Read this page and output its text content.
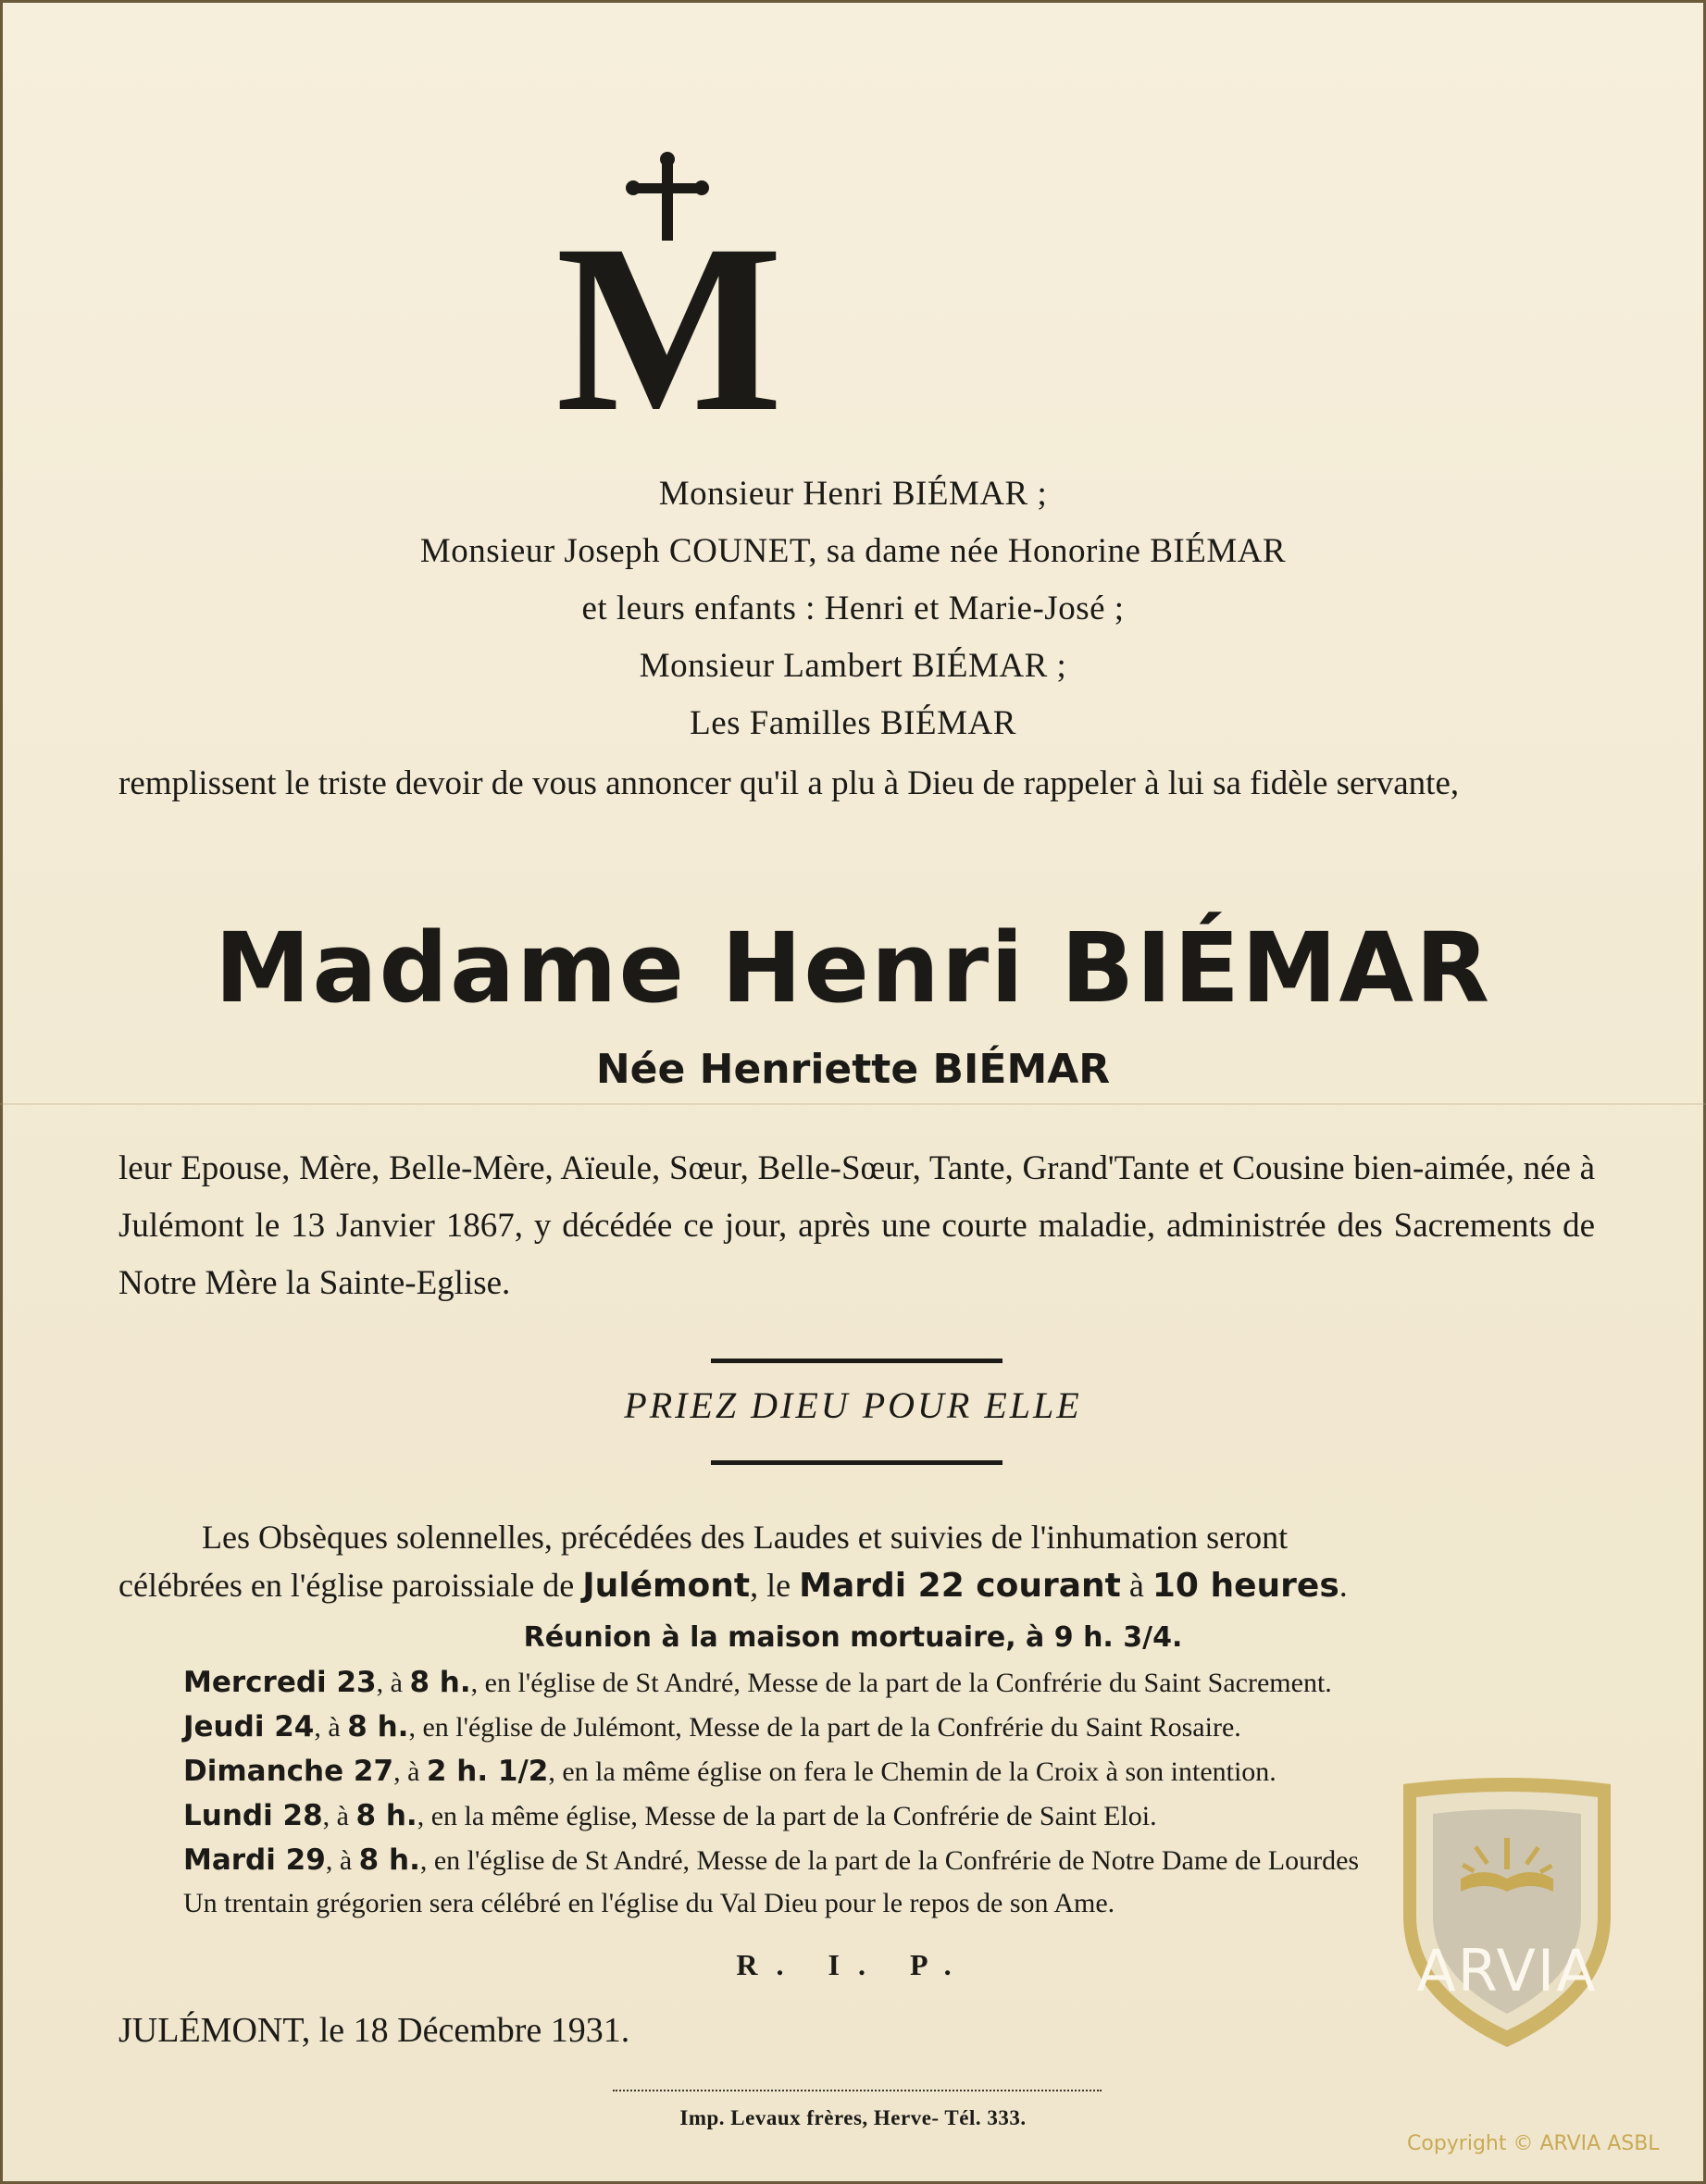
M
Monsieur Henri BIÉMAR ;
Monsieur Joseph COUNET, sa dame née Honorine BIÉMAR
et leurs enfants : Henri et Marie-José ;
Monsieur Lambert BIÉMAR ;
Les Familles BIÉMAR
remplissent le triste devoir de vous annoncer qu'il a plu à Dieu de rappeler à lui sa fidèle servante,
Madame Henri BIÉMAR
Née Henriette BIÉMAR
leur Epouse, Mère, Belle-Mère, Aïeule, Sœur, Belle-Sœur, Tante, Grand'Tante et Cousine bien-aimée, née à Julémont le 13 Janvier 1867, y décédée ce jour, après une courte maladie, administrée des Sacrements de Notre Mère la Sainte-Eglise.
PRIEZ DIEU POUR ELLE
Les Obsèques solennelles, précédées des Laudes et suivies de l'inhumation seront
célébrées en l'église paroissiale de Julémont, le Mardi 22 courant à 10 heures.
Réunion à la maison mortuaire, à 9 h. 3/4.
Mercredi 23, à 8 h., en l'église de St André, Messe de la part de la Confrérie du Saint Sacrement.
Jeudi 24, à 8 h., en l'église de Julémont, Messe de la part de la Confrérie du Saint Rosaire.
Dimanche 27, à 2 h. 1/2, en la même église on fera le Chemin de la Croix à son intention.
Lundi 28, à 8 h., en la même église, Messe de la part de la Confrérie de Saint Eloi.
Mardi 29, à 8 h., en l'église de St André, Messe de la part de la Confrérie de Notre Dame de Lourdes
Un trentain grégorien sera célébré en l'église du Val Dieu pour le repos de son Ame.
R. I. P.
JULÉMONT, le 18 Décembre 1931.
Imp. Levaux frères, Herve- Tél. 333.
ARVIA
Copyright © ARVIA ASBL
